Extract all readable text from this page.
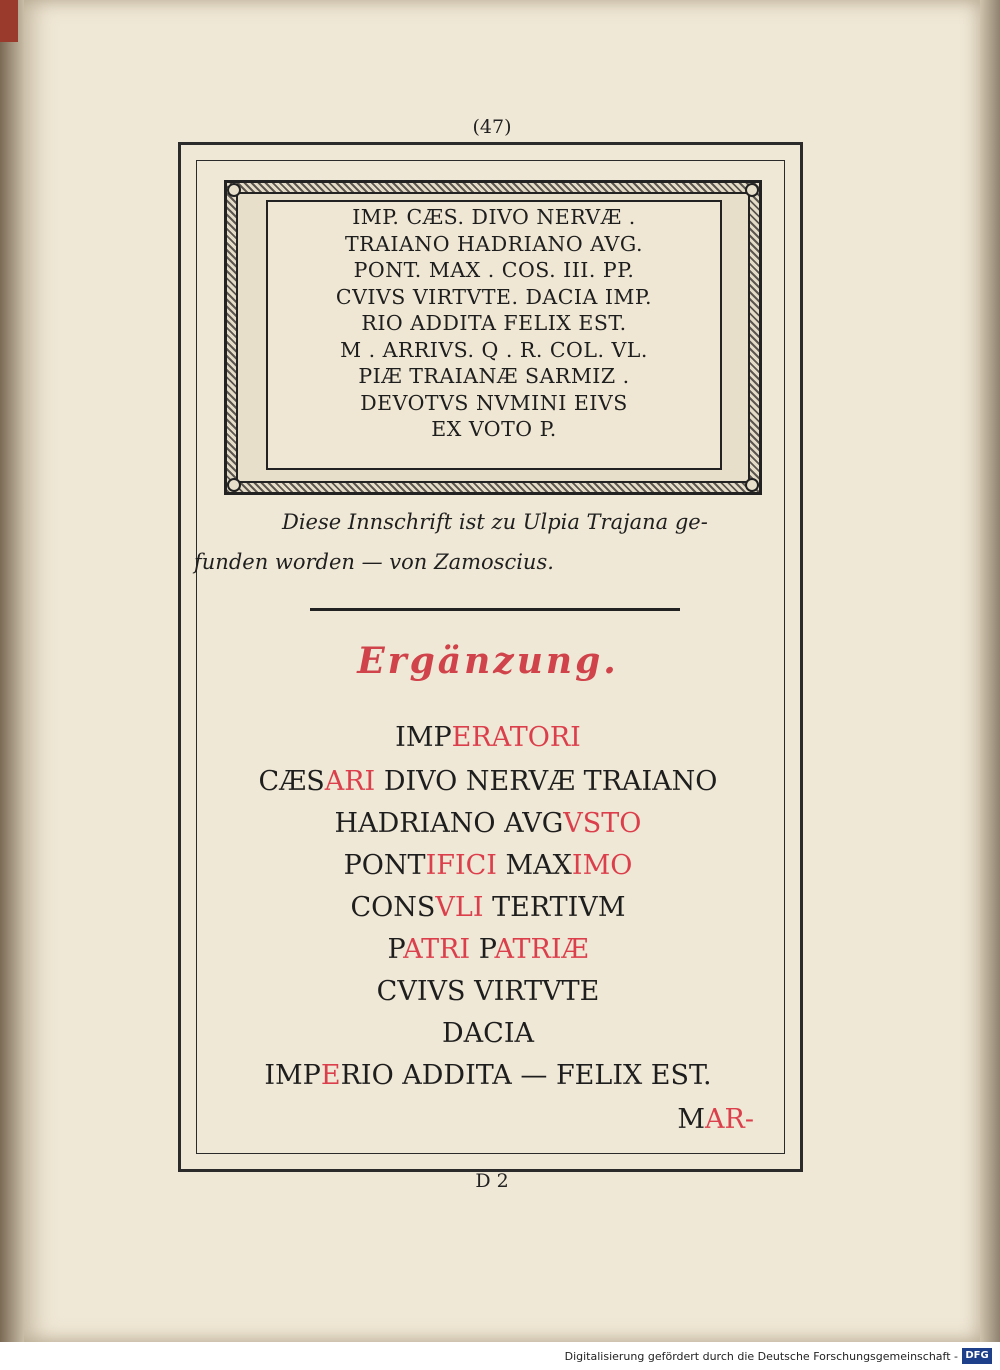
(47)
IMP. CÆS. DIVO NERVÆ .
TRAIANO HADRIANO AVG.
PONT. MAX . COS. III. PP.
CVIVS VIRTVTE. DACIA IMP.
RIO ADDITA FELIX EST.
M . ARRIVS. Q . R. COL. VL.
PIÆ TRAIANÆ SARMIZ .
DEVOTVS NVMINI EIVS
EX VOTO P.
Diese Innschrift ist zu Ulpia Trajana ge-
funden worden — von Zamoscius.
Ergänzung.
IMPERATORI
CÆSARI DIVO NERVÆ TRAIANO
HADRIANO AVGVSTO
PONTIFICI MAXIMO
CONSVLI TERTIVM
PATRI PATRIÆ
CVIVS VIRTVTE
DACIA
IMPERIO ADDITA — FELIX EST.
MAR-
D 2
Digitalisierung gefördert durch die Deutsche Forschungsgemeinschaft - DFG
